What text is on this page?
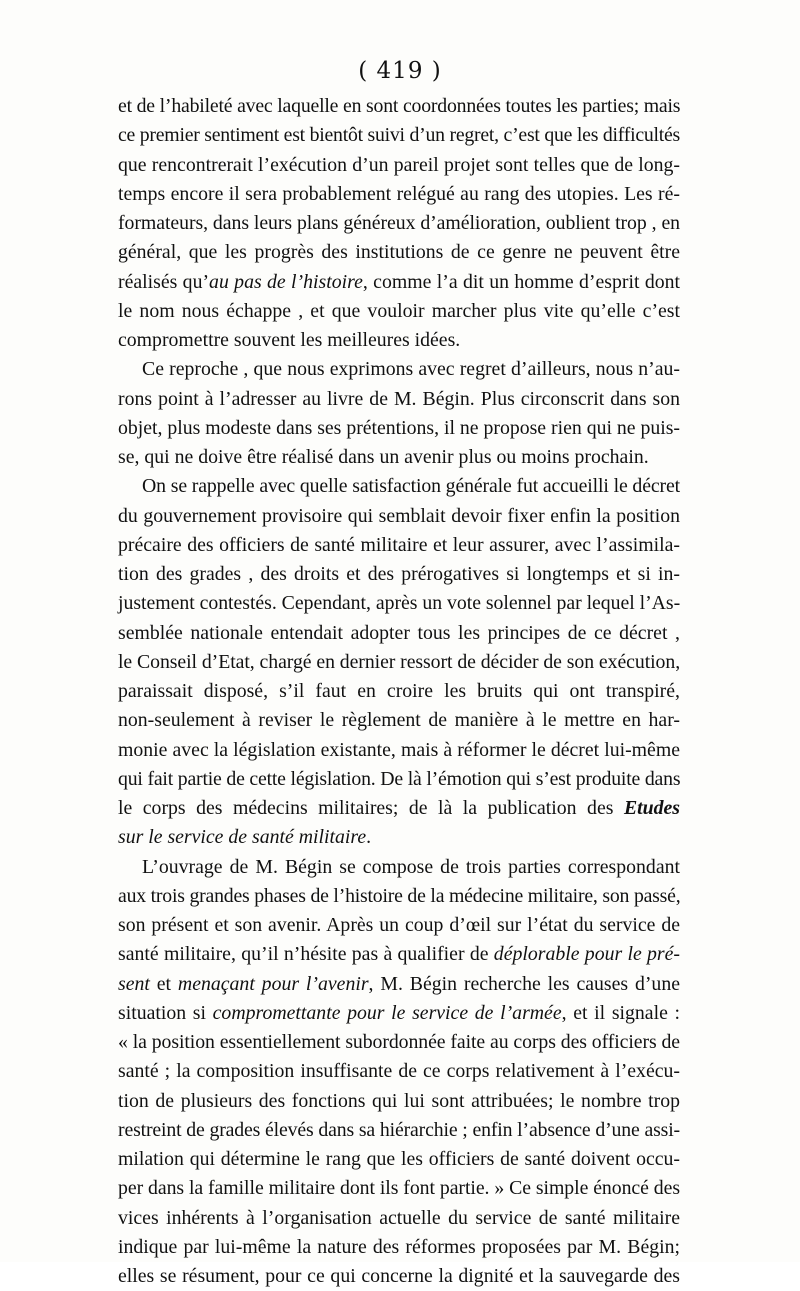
( 419 )
et de l’habileté avec laquelle en sont coordonnées toutes les parties; mais
ce premier sentiment est bientôt suivi d’un regret, c’est que les difficultés
que rencontrerait l’exécution d’un pareil projet sont telles que de long-
temps encore il sera probablement relégué au rang des utopies. Les ré-
formateurs, dans leurs plans généreux d’amélioration, oublient trop , en
général, que les progrès des institutions de ce genre ne peuvent être
réalisés qu’au pas de l’histoire, comme l’a dit un homme d’esprit dont
le nom nous échappe , et que vouloir marcher plus vite qu’elle c’est
compromettre souvent les meilleures idées.
Ce reproche , que nous exprimons avec regret d’ailleurs, nous n’au-
rons point à l’adresser au livre de M. Bégin. Plus circonscrit dans son
objet, plus modeste dans ses prétentions, il ne propose rien qui ne puis-
se, qui ne doive être réalisé dans un avenir plus ou moins prochain.
On se rappelle avec quelle satisfaction générale fut accueilli le décret
du gouvernement provisoire qui semblait devoir fixer enfin la position
précaire des officiers de santé militaire et leur assurer, avec l’assimila-
tion des grades , des droits et des prérogatives si longtemps et si in-
justement contestés. Cependant, après un vote solennel par lequel l’As-
semblée nationale entendait adopter tous les principes de ce décret ,
le Conseil d’Etat, chargé en dernier ressort de décider de son exécution,
paraissait disposé, s’il faut en croire les bruits qui ont transpiré,
non-seulement à reviser le règlement de manière à le mettre en har-
monie avec la législation existante, mais à réformer le décret lui-même
qui fait partie de cette législation. De là l’émotion qui s’est produite dans
le corps des médecins militaires; de là la publication des Etudes
sur le service de santé militaire.
L’ouvrage de M. Bégin se compose de trois parties correspondant
aux trois grandes phases de l’histoire de la médecine militaire, son passé,
son présent et son avenir. Après un coup d’œil sur l’état du service de
santé militaire, qu’il n’hésite pas à qualifier de déplorable pour le pré-
sent et menaçant pour l’avenir, M. Bégin recherche les causes d’une
situation si compromettante pour le service de l’armée, et il signale :
« la position essentiellement subordonnée faite au corps des officiers de
santé ; la composition insuffisante de ce corps relativement à l’exécu-
tion de plusieurs des fonctions qui lui sont attribuées; le nombre trop
restreint de grades élevés dans sa hiérarchie ; enfin l’absence d’une assi-
milation qui détermine le rang que les officiers de santé doivent occu-
per dans la famille militaire dont ils font partie. » Ce simple énoncé des
vices inhérents à l’organisation actuelle du service de santé militaire
indique par lui-même la nature des réformes proposées par M. Bégin;
elles se résument, pour ce qui concerne la dignité et la sauvegarde des
